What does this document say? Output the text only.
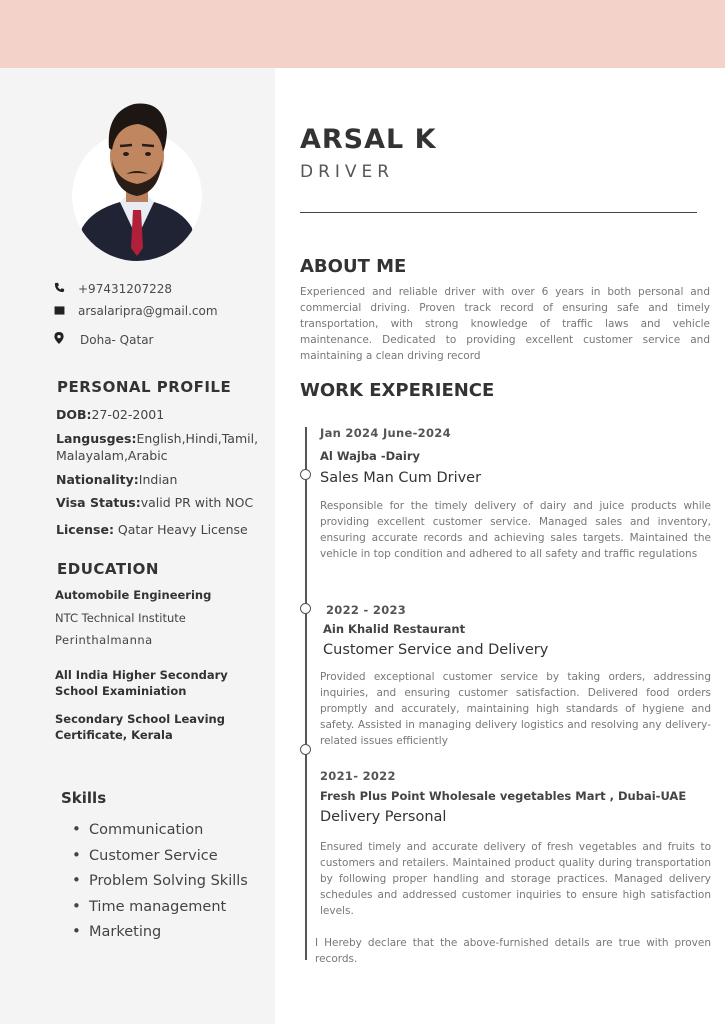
+97431207228
arsalaripra@gmail.com
Doha- Qatar
PERSONAL PROFILE
DOB:27-02-2001
Langusges:English,Hindi,Tamil,
Malayalam,Arabic
Nationality:Indian
Visa Status:valid PR with NOC
License: Qatar Heavy License
EDUCATION
Automobile Engineering
NTC Technical Institute
Perinthalmanna
All India Higher Secondary School Examiniation
Secondary School Leaving Certificate, Kerala
Skills
• Communication
• Customer Service
• Problem Solving Skills
• Time management
• Marketing
ARSAL K
DRIVER
ABOUT ME
Experienced and reliable driver with over 6 years in both personal and commercial driving. Proven track record of ensuring safe and timely transportation, with strong knowledge of traffic laws and vehicle maintenance. Dedicated to providing excellent customer service and maintaining a clean driving record
WORK EXPERIENCE
Jan 2024 June-2024
Al Wajba -Dairy
Sales Man Cum Driver
Responsible for the timely delivery of dairy and juice products while providing excellent customer service. Managed sales and inventory, ensuring accurate records and achieving sales targets. Maintained the vehicle in top condition and adhered to all safety and traffic regulations
2022 - 2023
Ain Khalid Restaurant
Customer Service and Delivery
Provided exceptional customer service by taking orders, addressing inquiries, and ensuring customer satisfaction. Delivered food orders promptly and accurately, maintaining high standards of hygiene and safety. Assisted in managing delivery logistics and resolving any delivery-related issues efficiently
2021- 2022
Fresh Plus Point Wholesale vegetables Mart , Dubai-UAE
Delivery Personal
Ensured timely and accurate delivery of fresh vegetables and fruits to customers and retailers. Maintained product quality during transportation by following proper handling and storage practices. Managed delivery schedules and addressed customer inquiries to ensure high satisfaction levels.
I Hereby declare that the above-furnished details are true with proven records.
